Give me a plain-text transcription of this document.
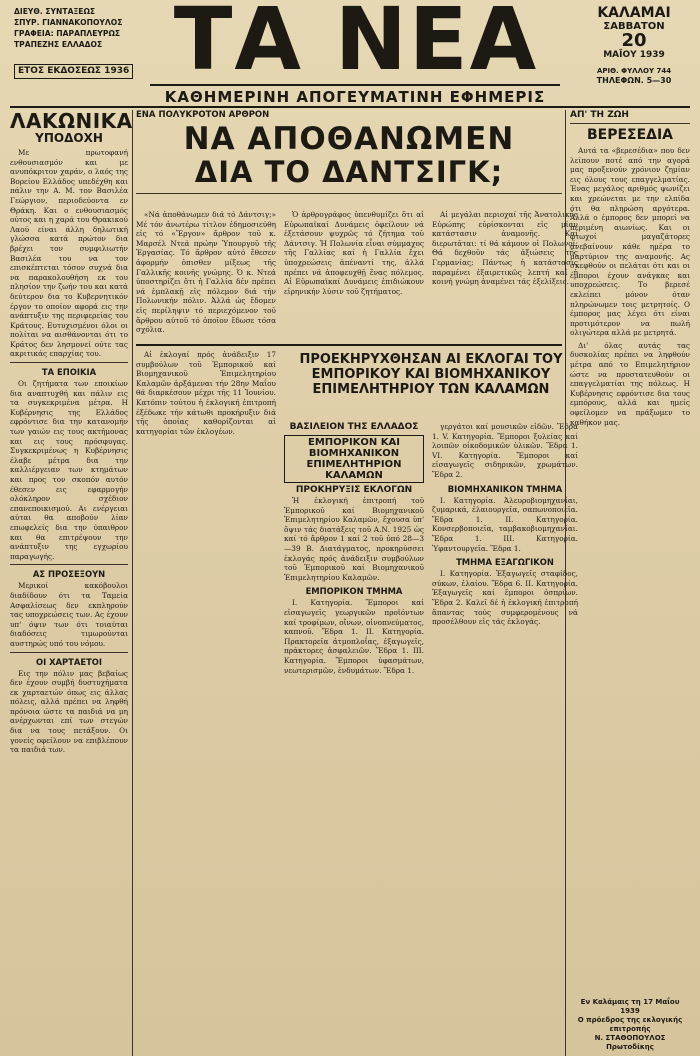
ΔΙΕΥΘ. ΣΥΝΤΑΞΕΩΣ
ΣΠΥΡ. ΓΙΑΝΝΑΚΟΠΟΥΛΟΣ
ΓΡΑΦΕΙΑ: ΠΑΡΑΠΛΕΥΡΩΣ
ΤΡΑΠΕΖΗΣ ΕΛΛΑΔΟΣ
ΕΤΟΣ ΕΚΔΟΣΕΩΣ 1936 ΤΑ ΝΕΑ
ΚΑΘΗΜΕΡΙΝΗ ΑΠΟΓΕΥΜΑΤΙΝΗ ΕΦΗΜΕΡΙΣ
ΚΑΛΑΜΑΙ
ΣΑΒΒΑΤΟΝ
20
ΜΑΪΟΥ 1939
ΑΡΙΘ. ΦΥΛΛΟΥ 744
ΤΗΛΕΦΩΝ. 5—30
ΛΑΚΩΝΙΚΑ
ΥΠΟΔΟΧΗ

Με πρωτοφανή ενθουσιασμόν και με ανυπόκριτον χαράν, ο λαός της Βορείου Ελλάδος υπεδέχθη και πάλιν την Α. Μ. τον Βασιλέα Γεώργιον, περιοδεύοντα εν Θράκη. Και ο ενθουσιασμός ούτος και η χαρά του Θρακικού Λαού είναι άλλη δηλωτική γλώσσα κατά πρώτον δια βρέχει τον συμφιλιωτήν Βασιλέα του να τον επισκέπτεται τόσον συχνά δια να παρακολουθήση εκ του πλησίον την ζωήν του και κατά δεύτερον δια το Κυβερνητικόν έργον το οποίον αφορά εις την ανάπτυξιν της περιφερείας του Κράτους. Ευτυχισμένοι όλοι οι πολίται να αισθάνονται ότι το Κράτος δεν λησμονεί ούτε τας ακριτικάς επαρχίας του.

ΤΑ ΕΠΟΙΚΙΑ

Οι ζητήματα των εποικίων δια αναπτυχθή και πάλιν εις τα συγκεκριμένα μέτρα. Η Κυβέρνησις της Ελλάδος εφρόντισε δια την κατανομήν των γαιών εις τους ακτήμονας και εις τους πρόσφυγας. Συγκεκριμένως η Κυβέρνησις έλαβε μέτρα δια την καλλιέργειαν των κτημάτων και προς τον σκοπόν αυτόν έθεσεν εις εφαρμογήν ολόκληρον σχέδιον επανεποικισμού. Αι ενέργειαι αύται θα αποβούν λίαν επωφελείς δια την ύπαιθρον και θα επιτρέψουν την ανάπτυξιν της εγχωρίου παραγωγής.

ΑΣ ΠΡΟΣΕΞΟΥΝ

Μερικοί κακόβουλοι διαδίδουν ότι τα Ταμεία Ασφαλίσεως δεν εκπληρούν τας υποχρεώσεις των. Ας έχουν υπ' όψιν των ότι τοιαύται διαδόσεις τιμωρούνται αυστηρώς υπό του νόμου.

ΟΙ ΧΑΡΤΑΕΤΟΙ

Εις την πόλιν μας βεβαίως δεν έχουν συμβή δυστυχήματα εκ χαρταετών όπως εις άλλας πόλεις, αλλά πρέπει να ληφθή πρόνοια ώστε τα παιδιά να μη ανέρχωνται επί των στεγών δια να τους πετάξουν. Οι γονείς οφείλουν να επιβλέπουν τα παιδιά των.

ΕΝΑ ΠΟΛΥΚΡΟΤΟΝ ΑΡΘΡΟΝ
ΝΑ ΑΠΟΘΑΝΩΜΕΝ
ΔΙΑ ΤΟ ΔΑΝΤΣΙΓΚ;

«Νά ἀποθάνωμεν διά τό Δάντσιγ;» Μέ τόν ἀνωτέρω τίτλον ἐδημοσιεύθη εἰς τό «Ἔργον» ἄρθρον τοῦ κ. Μαρσέλ Ντεά πρώην Ὑπουργοῦ τῆς Ἐργασίας. Τό ἄρθρον αὐτό ἔθεσεν ἀφορμήν ὀπισθεν μίξεως τῆς Γαλλικῆς κοινῆς γνώμης. Ὁ κ. Ντεά ὑποστηρίζει ὅτι ἡ Γαλλία δέν πρέπει νά ἐμπλακῇ εἰς πόλεμον διά τήν Πολωνικήν πόλιν. Ἀλλά ὡς ἔδομεν εἰς περίληψιν τό περιεχόμενον τοῦ ἄρθρου αὐτοῦ τό ὁποῖον ἔδωσε τόσα σχόλια.

Ὁ ἀρθρογράφος ὑπενθυμίζει ὅτι αἱ Εὐρωπαϊκαί Δυνάμεις ὀφείλουν νά ἐξετάσουν ψυχρῶς τό ζήτημα τοῦ Δάντσιγ. Ἡ Πολωνία εἶναι σύμμαχος τῆς Γαλλίας καί ἡ Γαλλία ἔχει ὑποχρεώσεις ἀπέναντί της, ἀλλά πρέπει νά ἀποφευχθῇ ἕνας πόλεμος. Αἱ Εὐρωπαϊκαί Δυνάμεις ἐπιδιώκουν εἰρηνικήν λύσιν τοῦ ζητήματος.

Αἱ μεγάλαι περιοχαί τῆς Ἀνατολικῆς Εὐρώπης εὑρίσκονται εἰς μίαν κατάστασιν ἀναμονῆς. Καί διερωτᾶται: τί θά κάμουν οἱ Πολωνοί; Θά δεχθοῦν τάς ἀξιώσεις τῆς Γερμανίας; Πάντως ἡ κατάστασις παραμένει ἐξαιρετικῶς λεπτή καί ἡ κοινή γνώμη ἀναμένει τάς ἐξελίξεις.

ΠΡΟΕΚΗΡΥΧΘΗΣΑΝ ΑΙ ΕΚΛΟΓΑΙ ΤΟΥ ΕΜΠΟΡΙΚΟΥ ΚΑΙ ΒΙΟΜΗΧΑΝΙΚΟΥ ΕΠΙΜΕΛΗΤΗΡΙΟΥ ΤΩΝ ΚΑΛΑΜΩΝ

Αἱ ἐκλογαί πρός ἀνάδειξιν 17 συμβούλων τοῦ Ἐμπορικοῦ καί Βιομηχανικοῦ Ἐπιμελητηρίου Καλαμῶν ἀρξάμεναι τήν 28ην Μαΐου θά διαρκέσουν μέχρι τῆς 11 Ἰουνίου. Κατόπιν τούτου ἡ ἐκλογική ἐπιτροπή ἐξέδωκε τήν κάτωθι προκήρυξιν διά τῆς ὁποίας καθορίζονται αἱ κατηγορίαι τῶν ἐκλογέων.	ΒΑΣΙΛΕΙΟΝ ΤΗΣ ΕΛΛΑΔΟΣ
ΕΜΠΟΡΙΚΟΝ ΚΑΙ ΒΙΟΜΗΧΑΝΙΚΟΝ ΕΠΙΜΕΛΗΤΗΡΙΟΝ ΚΑΛΑΜΩΝ
ΠΡΟΚΗΡΥΞΙΣ ΕΚΛΟΓΩΝ

Ἡ ἐκλογική ἐπιτροπή τοῦ Ἐμπορικοῦ καί Βιομηχανικοῦ Ἐπιμελητηρίου Καλαμῶν, ἔχουσα ὑπ' ὄψιν τάς διατάξεις τοῦ Α.Ν. 1925 ὡς καί τό ἄρθρον 1 καί 2 τοῦ ὑπό 28—3—39 Β. Διατάγματος, προκηρύσσει ἐκλογάς πρός ἀνάδειξιν συμβούλων τοῦ Ἐμπορικοῦ καί Βιομηχανικοῦ Ἐπιμελητηρίου Καλαμῶν.

ΕΜΠΟΡΙΚΟΝ ΤΜΗΜΑ

I. Κατηγορία. Ἔμποροι καί εἰσαγωγεῖς γεωργικῶν προϊόντων καί τροφίμων, οἴνων, οἰνοπνεύματος, καπνοῦ. Ἕδρα 1. II. Κατηγορία. Πρακτορεῖα ἀτμοπλοΐας, ἐξαγωγεῖς, πράκτορες ἀσφαλειῶν. Ἕδρα 1. III. Κατηγορία. Ἔμποροι ὑφασμάτων, νεωτερισμῶν, ἐνδυμάτων. Ἕδρα 1.

γεργάτοι καί μουσικῶν εἰδῶν. Ἕδρα 1. V. Κατηγορία. Ἔμποροι ξυλείας καί λοιπῶν οἰκοδομικῶν ὑλικῶν. Ἕδρα 1. VI. Κατηγορία. Ἔμποροι καί εἰσαγωγεῖς σιδηρικῶν, χρωμάτων. Ἕδρα 2.

ΒΙΟΜΗΧΑΝΙΚΟΝ ΤΜΗΜΑ

I. Κατηγορία. Ἀλευροβιομηχανίαι, ζυμαρικά, ἐλαιουργεῖα, σαπωνοποιεῖα. Ἕδρα 1. II. Κατηγορία. Κονσερβοποιεῖα, ταμβακοβιομηχανίαι. Ἕδρα 1. III. Κατηγορία. Ὑφαντουργεῖα. Ἕδρα 1.

ΤΜΗΜΑ ΕΞΑΓΩΓΙΚΟΝ

I. Κατηγορία. Ἐξαγωγεῖς σταφίδος, σύκων, ἐλαίου. Ἕδρα 6. II. Κατηγορία. Ἐξαγωγεῖς καί ἔμποροι ὀσπρίων. Ἕδρα 2. Καλεῖ δέ ἡ ἐκλογική ἐπιτροπή ἅπαντας τούς συμφερομένους νά προσέλθουν εἰς τάς ἐκλογάς.

ΑΠ' ΤΗ ΖΩΗ
ΒΕΡΕΣΕΔΙΑ

Αυτά τα «βερεσέδια» που δεν λείπουν ποτέ από την αγορά μας προξενούν χρόνιον ζημίαν εις όλους τους επαγγελματίας. Ένας μεγάλος αριθμός ψωνίζει και χρεώνεται με την ελπίδα ότι θα πληρώση αργότερα. Αλλά ο έμπορος δεν μπορεί να περιμένη αιωνίως. Και οι φτωχοί μαγαζάτορες ανεβαίνουν κάθε ημέρα το μαρτύριον της αναμονής. Ας σκεφθούν οι πελάται ότι και οι έμποροι έχουν ανάγκας και υποχρεώσεις. Το βερεσέ εκλείπει μόνον όταν πληρώνωμεν τοις μετρητοίς. Ο έμπορος μας λέγει ότι είναι προτιμότερον να πωλή ολιγώτερα αλλά με μετρητά.

Δι' όλας αυτάς τας δυσκολίας πρέπει να ληφθούν μέτρα από το Επιμελητήριον ώστε να προστατευθούν οι επαγγελματίαι της πόλεως. Η Κυβέρνησις εφρόντισε δια τους εμπόρους, αλλά και ημείς οφείλομεν να πράξωμεν το καθήκον μας.

Εν Καλάμαις τη 17 Μαΐου 1939
Ο πρόεδρος της εκλογικής επιτροπής
Ν. ΣΤΑΘΟΠΟΥΛΟΣ
Πρωτοδίκης
